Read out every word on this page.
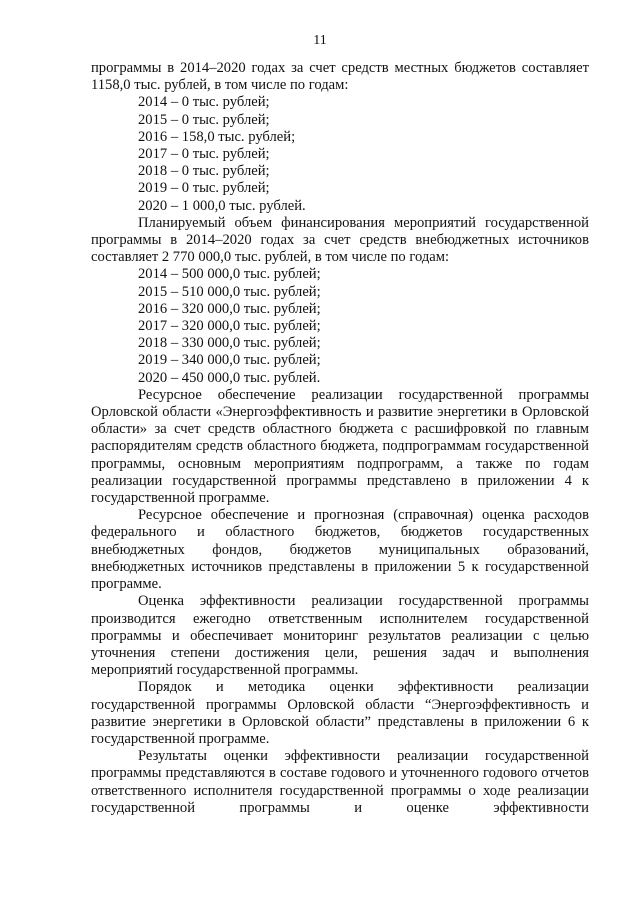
11

программы в 2014–2020 годах за счет средств местных бюджетов составляет 1158,0 тыс. рублей, в том числе по годам:

2014 – 0 тыс. рублей;
2015 – 0 тыс. рублей;
2016 – 158,0 тыс. рублей;
2017 – 0 тыс. рублей;
2018 – 0 тыс. рублей;
2019 – 0 тыс. рублей;
2020 – 1 000,0 тыс. рублей.

Планируемый объем финансирования мероприятий государственной программы в 2014–2020 годах за счет средств внебюджетных источников составляет 2 770 000,0 тыс. рублей, в том числе по годам:

2014 – 500 000,0 тыс. рублей;
2015 – 510 000,0 тыс. рублей;
2016 – 320 000,0 тыс. рублей;
2017 – 320 000,0 тыс. рублей;
2018 – 330 000,0 тыс. рублей;
2019 – 340 000,0 тыс. рублей;
2020 – 450 000,0 тыс. рублей.

Ресурсное обеспечение реализации государственной программы Орловской области «Энергоэффективность и развитие энергетики в Орловской области» за счет средств областного бюджета с расшифровкой по главным распорядителям средств областного бюджета, подпрограммам государственной программы, основным мероприятиям подпрограмм, а также по годам реализации государственной программы представлено в приложении 4 к государственной программе.

Ресурсное обеспечение и прогнозная (справочная) оценка расходов федерального и областного бюджетов, бюджетов государственных внебюджетных фондов, бюджетов муниципальных образований, внебюджетных источников представлены в приложении 5 к государственной программе.

Оценка эффективности реализации государственной программы производится ежегодно ответственным исполнителем государственной программы и обеспечивает мониторинг результатов реализации с целью уточнения степени достижения цели, решения задач и выполнения мероприятий государственной программы.

Порядок и методика оценки эффективности реализации государственной программы Орловской области “Энергоэффективность и развитие энергетики в Орловской области” представлены в приложении 6 к государственной программе.

Результаты оценки эффективности реализации государственной программы представляются в составе годового и уточненного годового отчетов ответственного исполнителя государственной программы о ходе реализации государственной программы и оценке эффективности
